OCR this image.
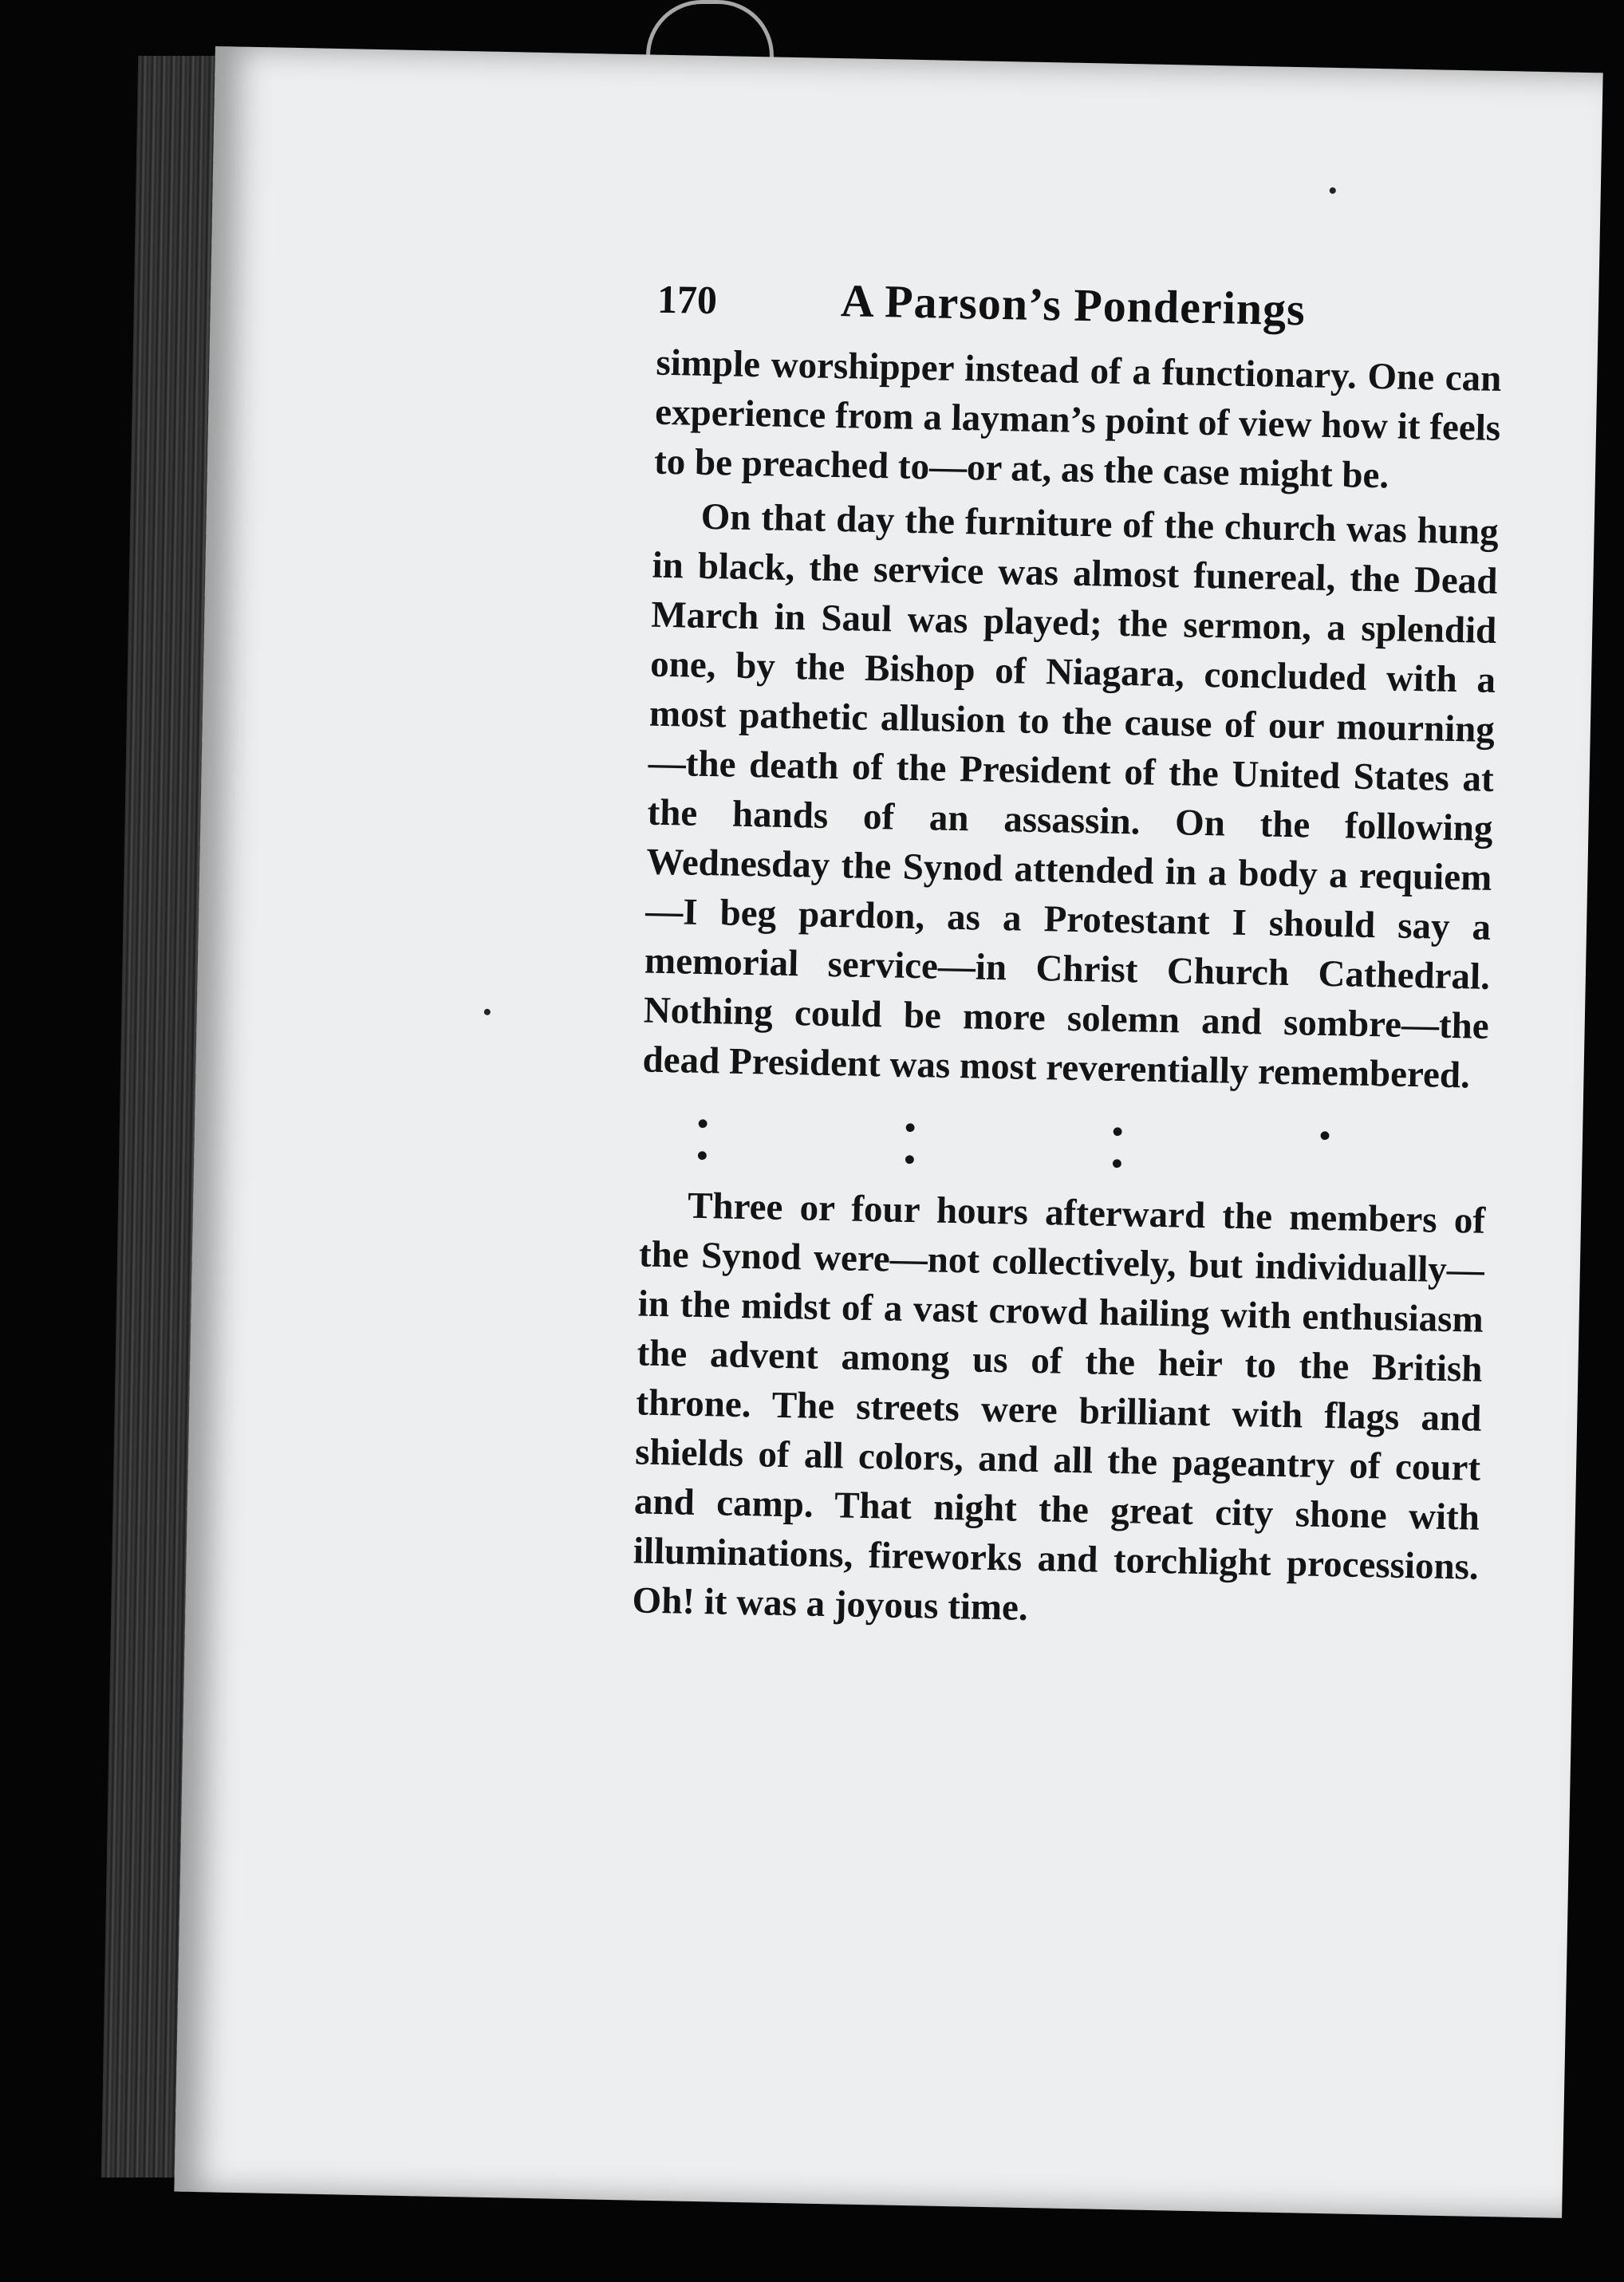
170	A Parson’s Ponderings

simple worshipper instead of a functionary. One can experience from a layman’s point of view how it feels to be preached to—or at, as the case might be.

On that day the furniture of the church was hung in black, the service was almost funereal, the Dead March in Saul was played; the sermon, a splendid one, by the Bishop of Niagara, concluded with a most pathetic allusion to the cause of our mourning—the death of the President of the United States at the hands of an assassin. On the following Wednesday the Synod attended in a body a requiem—I beg pardon, as a Protestant I should say a memorial service—in Christ Church Cathedral. Nothing could be more solemn and sombre—the dead President was most reverentially remembered.

• • • • • • •

Three or four hours afterward the members of the Synod were—not collectively, but individually—in the midst of a vast crowd hailing with enthusiasm the advent among us of the heir to the British throne. The streets were brilliant with flags and shields of all colors, and all the pageantry of court and camp. That night the great city shone with illuminations, fireworks and torchlight processions. Oh! it was a joyous time.
